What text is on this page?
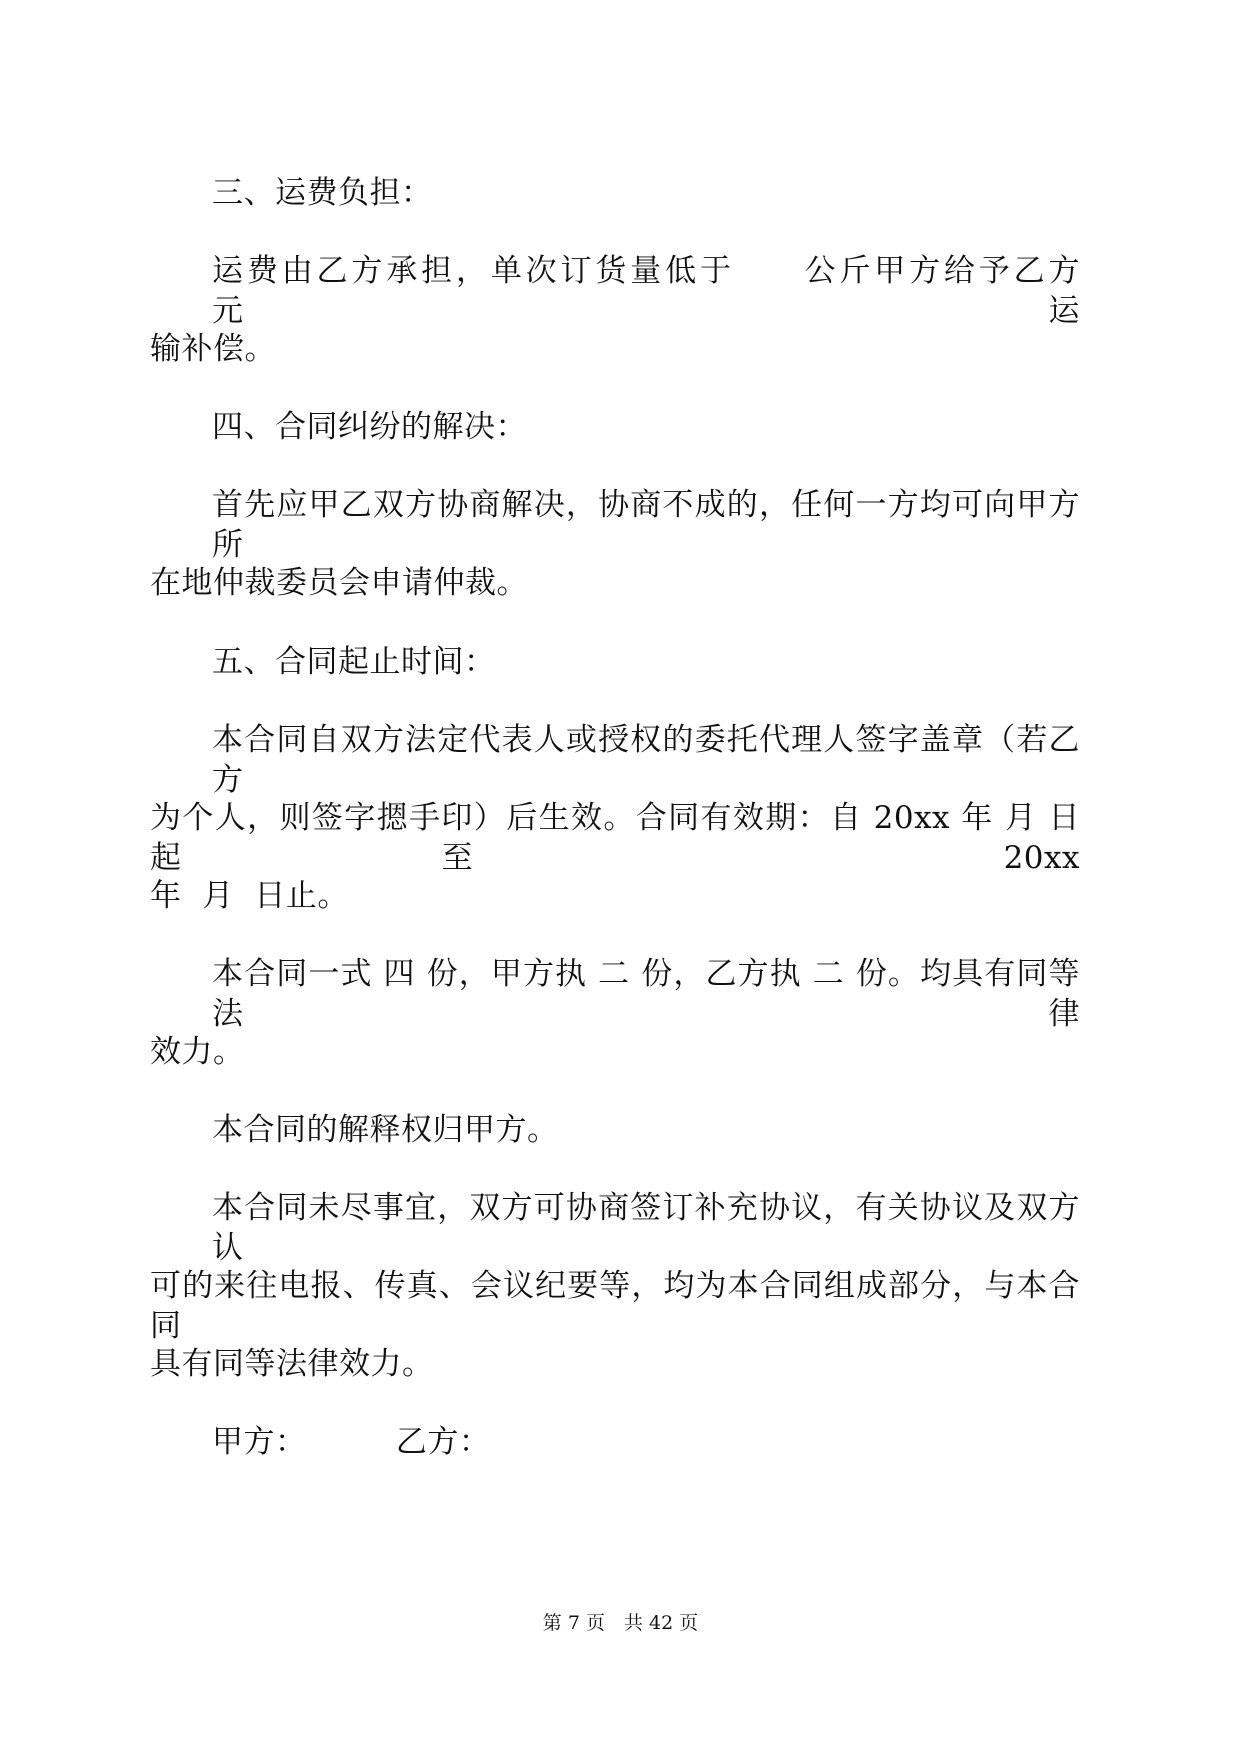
三、运费负担：
运费由乙方承担，单次订货量低于　　公斤甲方给予乙方　　元运
输补偿。
四、合同纠纷的解决：
首先应甲乙双方协商解决，协商不成的，任何一方均可向甲方所
在地仲裁委员会申请仲裁。
五、合同起止时间：
本合同自双方法定代表人或授权的委托代理人签字盖章（若乙方
为个人，则签字摁手印）后生效。合同有效期：自 20xx 年 月 日起至 20xx
年  月  日止。
本合同一式 四 份，甲方执 二 份，乙方执 二 份。均具有同等法律
效力。
本合同的解释权归甲方。
本合同未尽事宜，双方可协商签订补充协议，有关协议及双方认
可的来往电报、传真、会议纪要等，均为本合同组成部分，与本合同
具有同等法律效力。
甲方：　　　 乙方：
第 7 页　共 42 页
